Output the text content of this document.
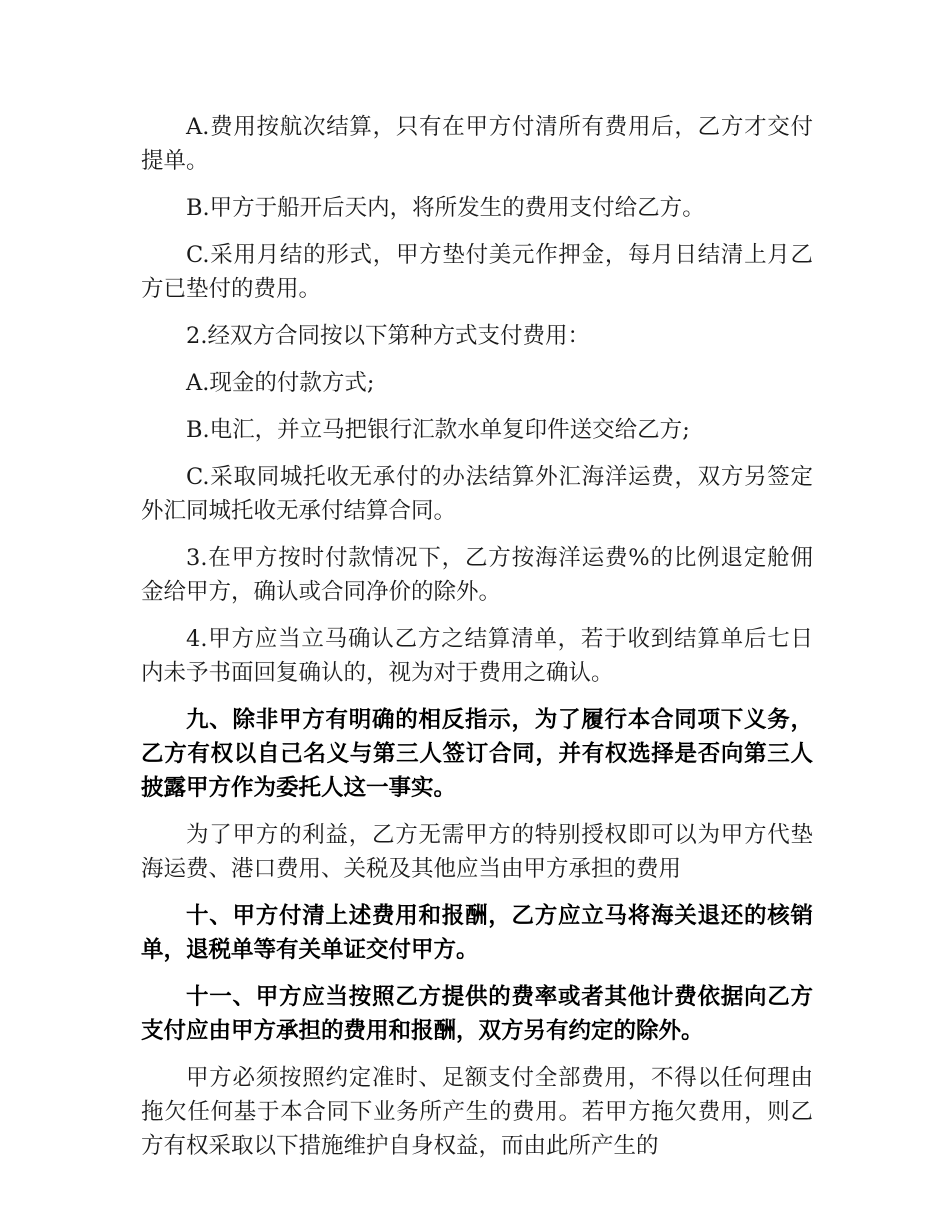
A.费用按航次结算，只有在甲方付清所有费用后，乙方才交付提单。

B.甲方于船开后天内，将所发生的费用支付给乙方。

C.采用月结的形式，甲方垫付美元作押金，每月日结清上月乙方已垫付的费用。

2.经双方合同按以下第种方式支付费用：

A.现金的付款方式;

B.电汇，并立马把银行汇款水单复印件送交给乙方;

C.采取同城托收无承付的办法结算外汇海洋运费，双方另签定外汇同城托收无承付结算合同。

3.在甲方按时付款情况下，乙方按海洋运费%的比例退定舱佣金给甲方，确认或合同净价的除外。

4.甲方应当立马确认乙方之结算清单，若于收到结算单后七日内未予书面回复确认的，视为对于费用之确认。

九、除非甲方有明确的相反指示，为了履行本合同项下义务，乙方有权以自己名义与第三人签订合同，并有权选择是否向第三人披露甲方作为委托人这一事实。

为了甲方的利益，乙方无需甲方的特别授权即可以为甲方代垫海运费、港口费用、关税及其他应当由甲方承担的费用

十、甲方付清上述费用和报酬，乙方应立马将海关退还的核销单，退税单等有关单证交付甲方。

十一、甲方应当按照乙方提供的费率或者其他计费依据向乙方支付应由甲方承担的费用和报酬，双方另有约定的除外。

甲方必须按照约定准时、足额支付全部费用，不得以任何理由拖欠任何基于本合同下业务所产生的费用。若甲方拖欠费用，则乙方有权采取以下措施维护自身权益，而由此所产生的
